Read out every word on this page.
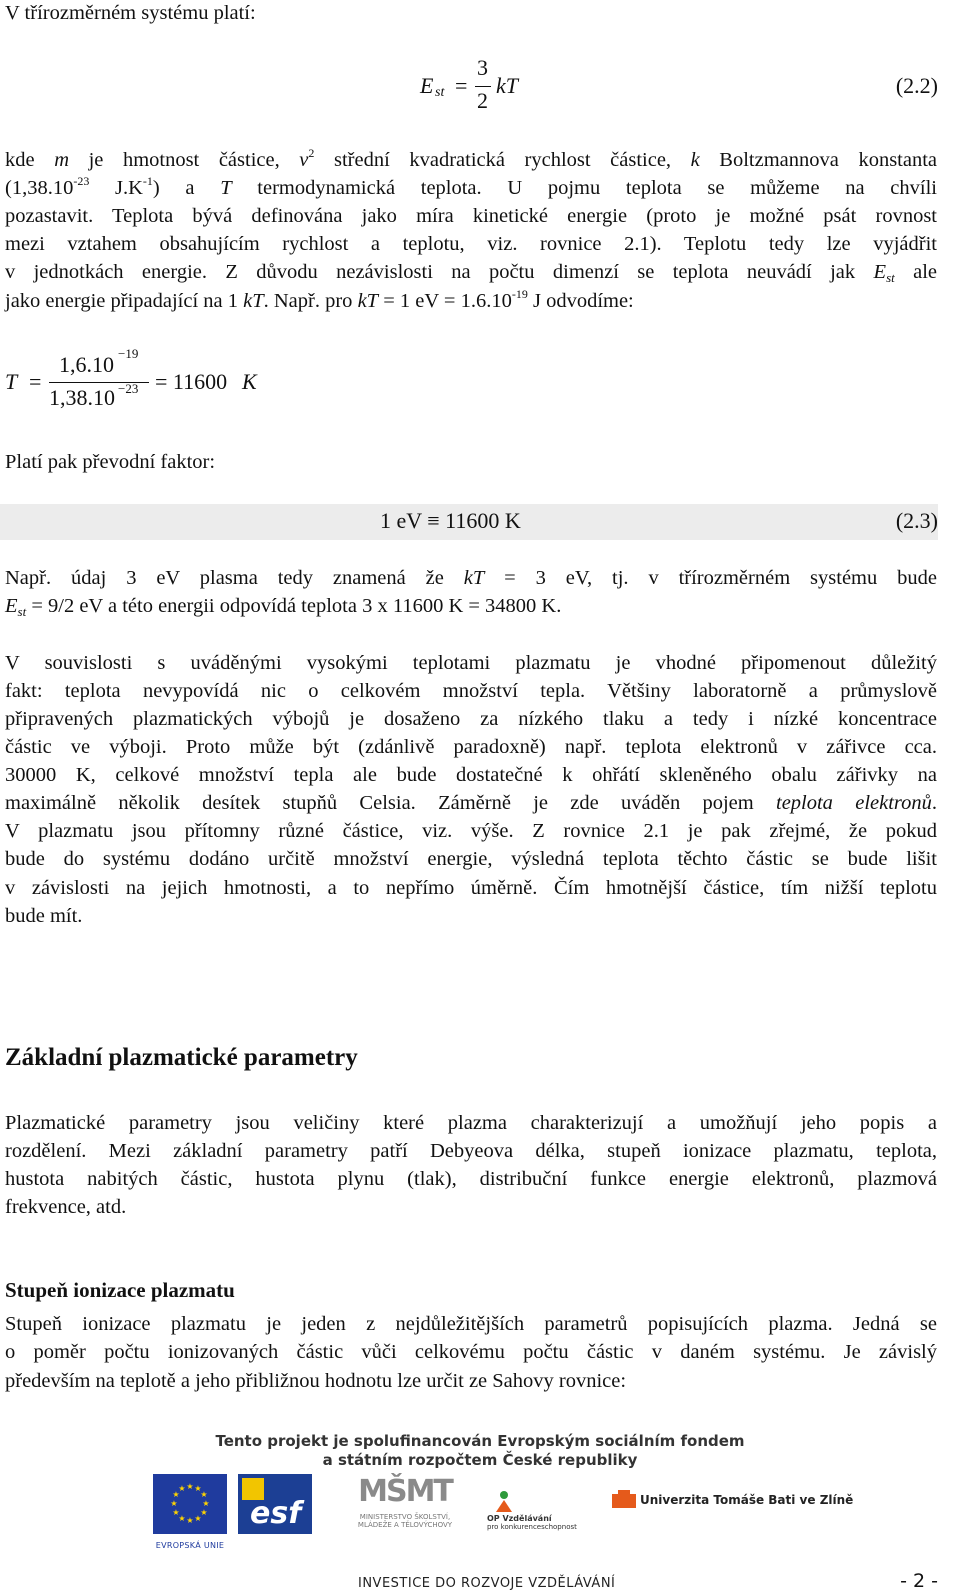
V třírozměrném systému platí:
E st =
3
2
kT	(2.2)
kde m je hmotnost částice, $v^2$ střední kvadratická rychlost částice, k Boltzmannova konstanta
($1,38.10^{-23}$ $J.K^{-1}$) a T termodynamická teplota. U pojmu teplota se můžeme na chvíli
pozastavit. Teplota bývá definována jako míra kinetické energie (proto je možné psát rovnost
mezi vztahem obsahujícím rychlost a teplotu, viz. rovnice 2.1). Teplotu tedy lze vyjádřit
v jednotkách energie. Z důvodu nezávislosti na počtu dimenzí se teplota neuvádí jak $E_{st}$ ale
jako energie připadající na 1 kT. Např. pro kT = 1 eV = $1.6.10^{-19}$ J odvodíme:
T =
1,6.10 −19
1,38.10 −23 = 11600 K
Platí pak převodní faktor:
1 eV ≡ 11600 K	(2.3)
Např. údaj 3 eV plasma tedy znamená že kT = 3 eV, tj. v třírozměrném systému bude
$E_{st} = 9/2$ eV a této energii odpovídá teplota 3 x 11600 K = 34800 K.
V souvislosti s uváděnými vysokými teplotami plazmatu je vhodné připomenout důležitý
fakt: teplota nevypovídá nic o celkovém množství tepla. Většiny laboratorně a průmyslově
připravených plazmatických výbojů je dosaženo za nízkého tlaku a tedy i nízké koncentrace
částic ve výboji. Proto může být (zdánlivě paradoxně) např. teplota elektronů v zářivce cca.
30000 K, celkové množství tepla ale bude dostatečné k ohřátí skleněného obalu zářivky na
maximálně několik desítek stupňů Celsia. Záměrně je zde uváděn pojem teplota elektronů.
V plazmatu jsou přítomny různé částice, viz. výše. Z rovnice 2.1 je pak zřejmé, že pokud
bude do systému dodáno určitě množství energie, výsledná teplota těchto částic se bude lišit
v závislosti na jejich hmotnosti, a to nepřímo úměrně. Čím hmotnější částice, tím nižší teplotu
bude mít.
Základní plazmatické parametry
Plazmatické parametry jsou veličiny které plazma charakterizují a umožňují jeho popis a
rozdělení. Mezi základní parametry patří Debyeova délka, stupeň ionizace plazmatu, teplota,
hustota nabitých částic, hustota plynu (tlak), distribuční funkce energie elektronů, plazmová
frekvence, atd.
Stupeň ionizace plazmatu
Stupeň ionizace plazmatu je jeden z nejdůležitějších parametrů popisujících plazma. Jedná se
o poměr počtu ionizovaných částic vůči celkovému počtu částic v daném systému. Je závislý
především na teplotě a jeho přibližnou hodnotu lze určit ze Sahovy rovnice:
Tento projekt je spolufinancován Evropským sociálním fondem
a státním rozpočtem České republiky
★ ★
★
★
★
★
★
★
★
★
★
★
EVROPSKÁ UNIE
esf
MŠMT
MINISTERSTVO ŠKOLSTVÍ,
MLÁDEŽE A TĚLOVÝCHOVY
OP Vzdělávání
pro konkurenceschopnost
Univerzita Tomáše Bati ve Zlíně
INVESTICE DO ROZVOJE VZDĚLÁVÁNÍ	- 2 -
